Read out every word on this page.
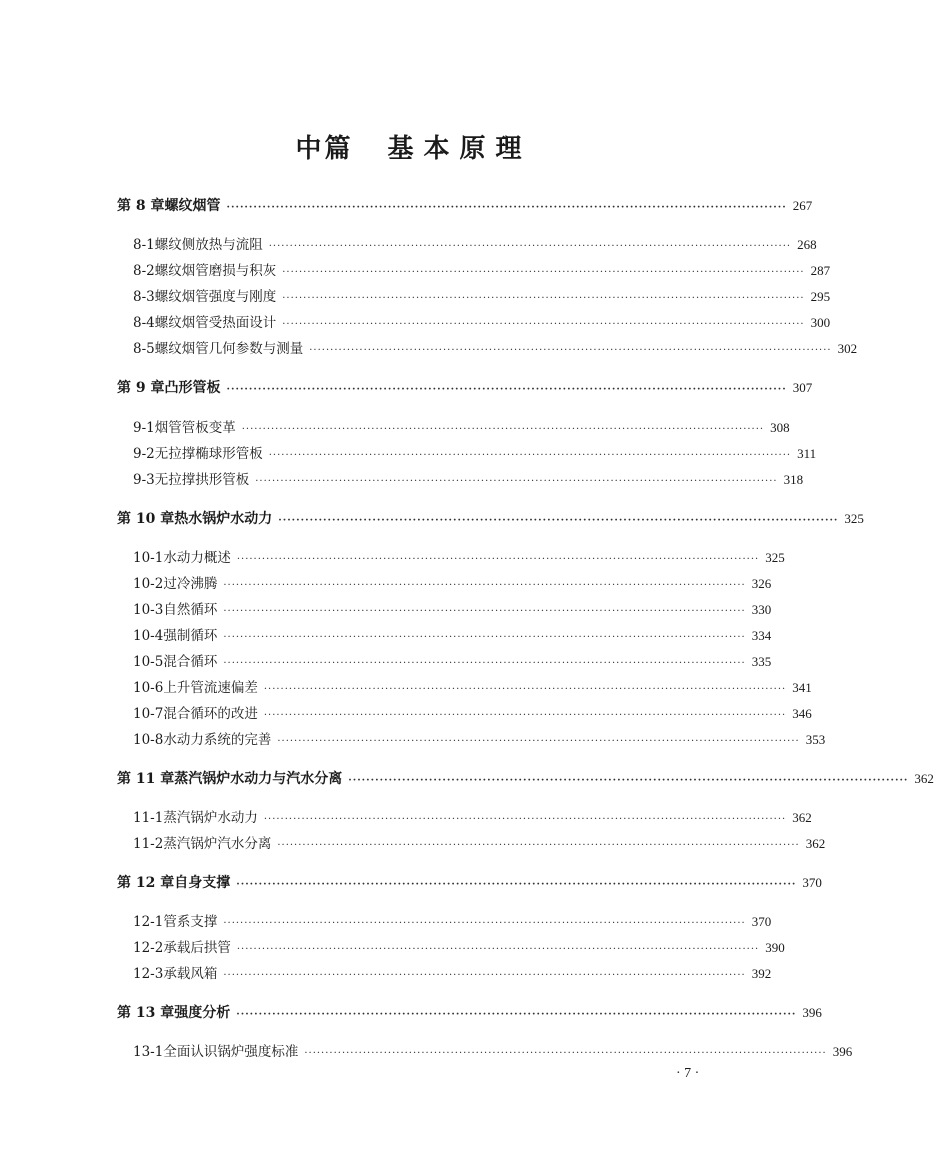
中篇 基本原理
第 8 章 螺纹烟管 ····························································································································· 267
8-1 螺纹侧放热与流阻 ····························································································································· 268
8-2 螺纹烟管磨损与积灰 ····························································································································· 287
8-3 螺纹烟管强度与刚度 ····························································································································· 295
8-4 螺纹烟管受热面设计 ····························································································································· 300
8-5 螺纹烟管几何参数与测量 ····························································································································· 302
第 9 章 凸形管板 ····························································································································· 307
9-1 烟管管板变革 ····························································································································· 308
9-2 无拉撑椭球形管板 ····························································································································· 311
9-3 无拉撑拱形管板 ····························································································································· 318
第 10 章 热水锅炉水动力 ····························································································································· 325
10-1 水动力概述 ····························································································································· 325
10-2 过冷沸腾 ····························································································································· 326
10-3 自然循环 ····························································································································· 330
10-4 强制循环 ····························································································································· 334
10-5 混合循环 ····························································································································· 335
10-6 上升管流速偏差 ····························································································································· 341
10-7 混合循环的改进 ····························································································································· 346
10-8 水动力系统的完善 ····························································································································· 353
第 11 章 蒸汽锅炉水动力与汽水分离 ····························································································································· 362
11-1 蒸汽锅炉水动力 ····························································································································· 362
11-2 蒸汽锅炉汽水分离 ····························································································································· 362
第 12 章 自身支撑 ····························································································································· 370
12-1 管系支撑 ····························································································································· 370
12-2 承载后拱管 ····························································································································· 390
12-3 承载风箱 ····························································································································· 392
第 13 章 强度分析 ····························································································································· 396
13-1 全面认识锅炉强度标准 ····························································································································· 396
· 7 ·
